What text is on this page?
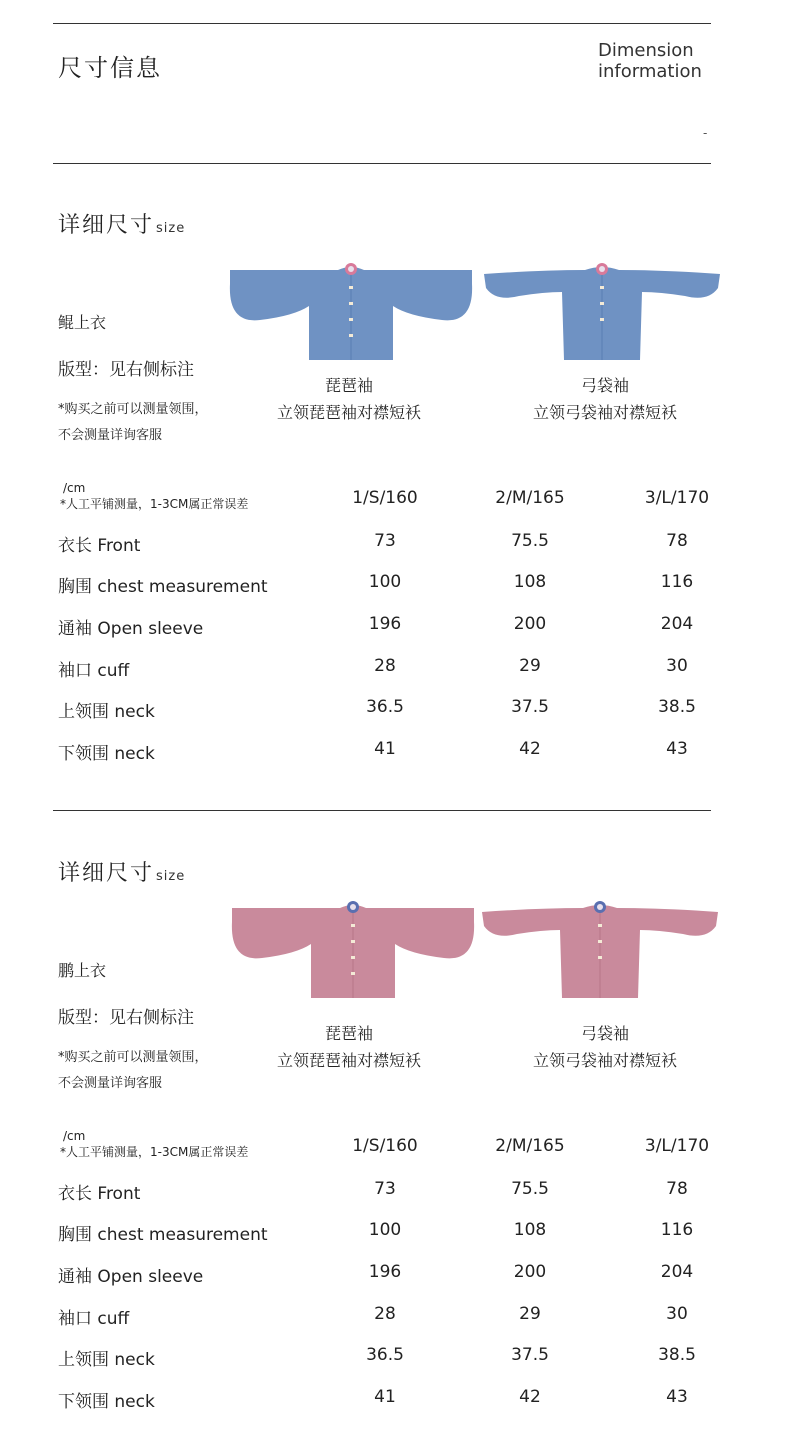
尺寸信息
Dimension
information
-
详细尺寸 size
鲲上衣
版型：见右侧标注
*购买之前可以测量领围，
不会测量详询客服
琵琶袖
立领琵琶袖对襟短袄
弓袋袖
立领弓袋袖对襟短袄
/cm
*人工平铺测量，1-3CM属正常误差	1/S/160	2/M/165	3/L/170
衣长 Front	73	75.5	78
胸围 chest measurement	100	108	116
通袖 Open sleeve	196	200	204
袖口 cuff	28	29	30
上领围 neck	36.5	37.5	38.5
下领围 neck	41	42	43
详细尺寸 size
鹏上衣
版型：见右侧标注
*购买之前可以测量领围，
不会测量详询客服
琵琶袖
立领琵琶袖对襟短袄
弓袋袖
立领弓袋袖对襟短袄
/cm
*人工平铺测量，1-3CM属正常误差	1/S/160	2/M/165	3/L/170
衣长 Front	73	75.5	78
胸围 chest measurement	100	108	116
通袖 Open sleeve	196	200	204
袖口 cuff	28	29	30
上领围 neck	36.5	37.5	38.5
下领围 neck	41	42	43
